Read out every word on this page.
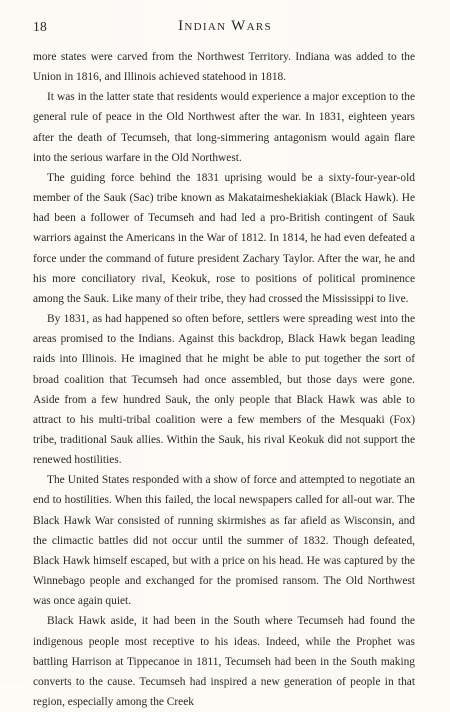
18	Indian Wars

more states were carved from the Northwest Territory. Indiana was added to the Union in 1816, and Illinois achieved statehood in 1818.

It was in the latter state that residents would experience a major exception to the general rule of peace in the Old Northwest after the war. In 1831, eighteen years after the death of Tecumseh, that long-simmering antagonism would again flare into the serious warfare in the Old Northwest.

The guiding force behind the 1831 uprising would be a sixty-four-year-old member of the Sauk (Sac) tribe known as Makataimeshekiakiak (Black Hawk). He had been a follower of Tecumseh and had led a pro-British contingent of Sauk warriors against the Americans in the War of 1812. In 1814, he had even defeated a force under the command of future president Zachary Taylor. After the war, he and his more conciliatory rival, Keokuk, rose to positions of political prominence among the Sauk. Like many of their tribe, they had crossed the Mississippi to live.

By 1831, as had happened so often before, settlers were spreading west into the areas promised to the Indians. Against this backdrop, Black Hawk began leading raids into Illinois. He imagined that he might be able to put together the sort of broad coalition that Tecumseh had once assembled, but those days were gone. Aside from a few hundred Sauk, the only people that Black Hawk was able to attract to his multi-tribal coalition were a few members of the Mesquaki (Fox) tribe, traditional Sauk allies. Within the Sauk, his rival Keokuk did not support the renewed hostilities.

The United States responded with a show of force and attempted to negotiate an end to hostilities. When this failed, the local newspapers called for all-out war. The Black Hawk War consisted of running skirmishes as far afield as Wisconsin, and the climactic battles did not occur until the summer of 1832. Though defeated, Black Hawk himself escaped, but with a price on his head. He was captured by the Winnebago people and exchanged for the promised ransom. The Old Northwest was once again quiet.

Black Hawk aside, it had been in the South where Tecumseh had found the indigenous people most receptive to his ideas. Indeed, while the Prophet was battling Harrison at Tippecanoe in 1811, Tecumseh had been in the South making converts to the cause. Tecumseh had inspired a new generation of people in that region, especially among the Creek
